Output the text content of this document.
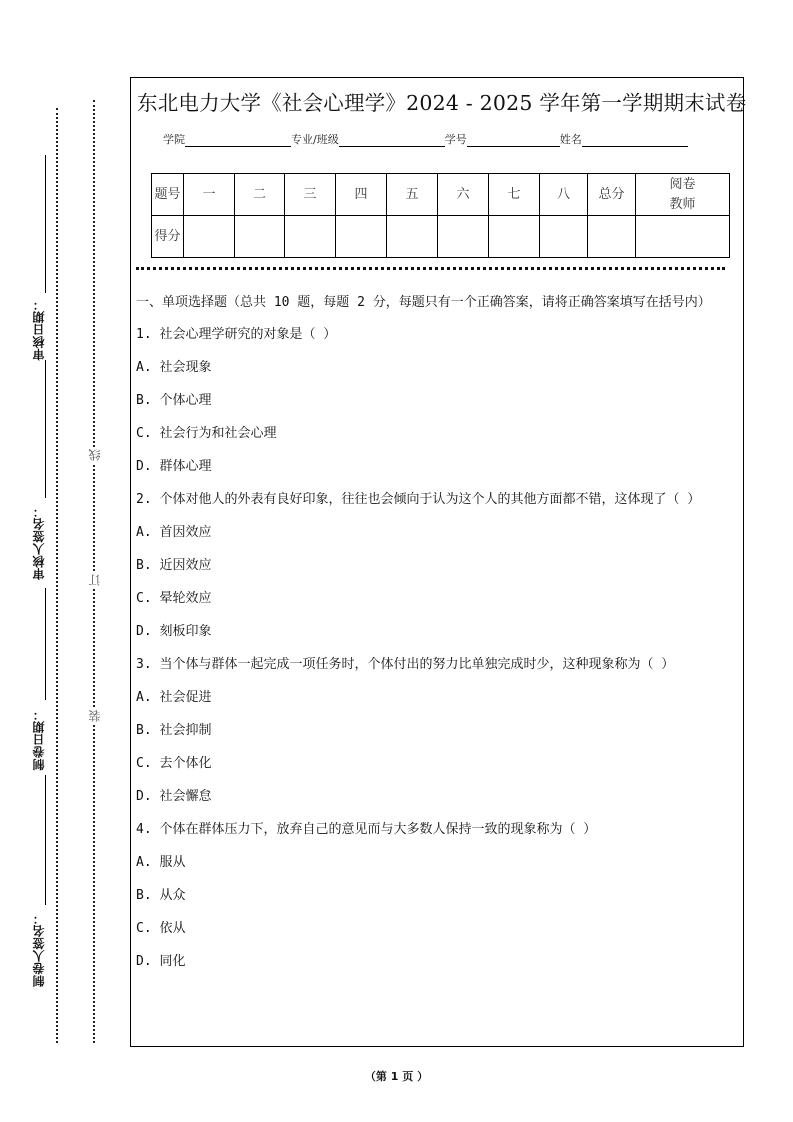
审核日期：
审核人签名：
制卷日期：
制卷人签名：
线
订
装
东北电力大学《社会心理学》2024 - 2025 学年第一学期期末试卷
学院	专业/班级	学号	姓名
题号	一	二	三	四	五	六	七	八	总分	阅卷教师
得分										

一、单项选择题（总共 10 题，每题 2 分，每题只有一个正确答案，请将正确答案填写在括号内）

1. 社会心理学研究的对象是（ ）

A. 社会现象

B. 个体心理

C. 社会行为和社会心理

D. 群体心理

2. 个体对他人的外表有良好印象，往往也会倾向于认为这个人的其他方面都不错，这体现了（ ）

A. 首因效应

B. 近因效应

C. 晕轮效应

D. 刻板印象

3. 当个体与群体一起完成一项任务时，个体付出的努力比单独完成时少，这种现象称为（ ）

A. 社会促进

B. 社会抑制

C. 去个体化

D. 社会懈怠

4. 个体在群体压力下，放弃自己的意见而与大多数人保持一致的现象称为（ ）

A. 服从

B. 从众

C. 依从

D. 同化

（第 1 页 ）
